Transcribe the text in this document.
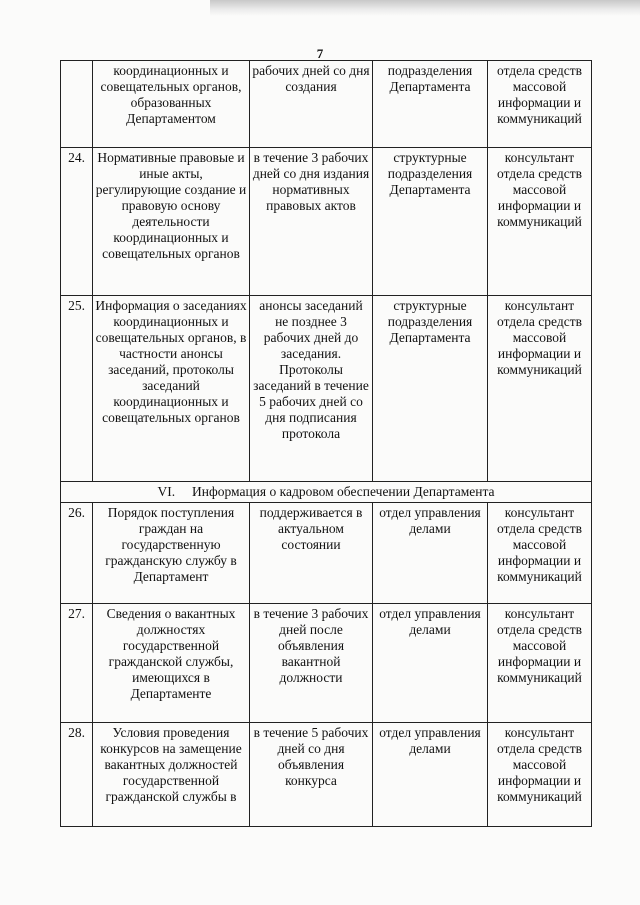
7
	координационных и совещательных органов, образованных Департаментом	рабочих дней со дня создания	подразделения Департамента	отдела средств массовой информации и коммуникаций
24.	Нормативные правовые и иные акты, регулирующие создание и правовую основу деятельности координационных и совещательных органов	в течение 3 рабочих дней со дня издания нормативных правовых актов	структурные подразделения Департамента	консультант отдела средств массовой информации и коммуникаций
25.	Информация о заседаниях координационных и совещательных органов, в частности анонсы заседаний, протоколы заседаний координационных и совещательных органов	анонсы заседаний не позднее 3 рабочих дней до заседания. Протоколы заседаний в течение 5 рабочих дней со дня подписания протокола	структурные подразделения Департамента	консультант отдела средств массовой информации и коммуникаций
VI. Информация о кадровом обеспечении Департамента				
26.	Порядок поступления граждан на государственную гражданскую службу в Департамент	поддерживается в актуальном состоянии	отдел управления делами	консультант отдела средств массовой информации и коммуникаций
27.	Сведения о вакантных должностях государственной гражданской службы, имеющихся в Департаменте	в течение 3 рабочих дней после объявления вакантной должности	отдел управления делами	консультант отдела средств массовой информации и коммуникаций
28.	Условия проведения конкурсов на замещение вакантных должностей государственной гражданской службы в	в течение 5 рабочих дней со дня объявления конкурса	отдел управления делами	консультант отдела средств массовой информации и коммуникаций
